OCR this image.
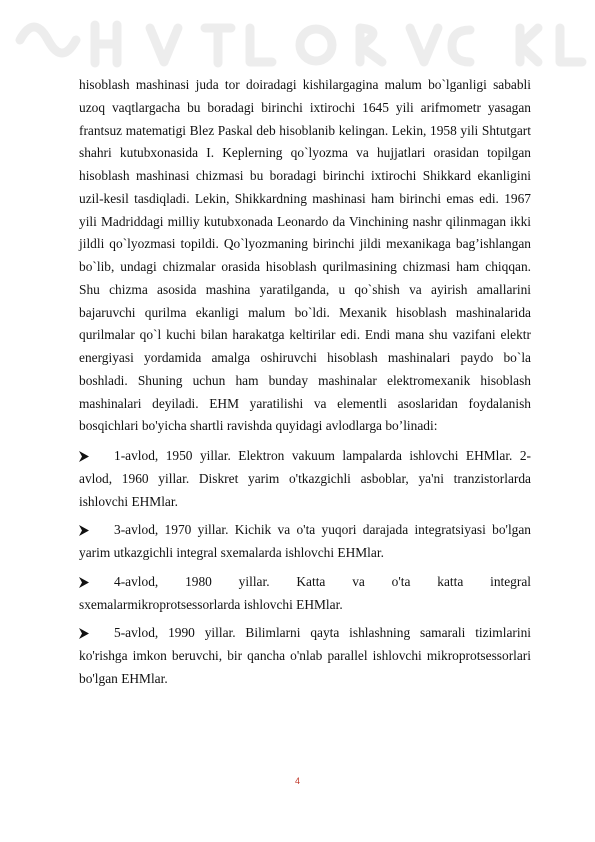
hisoblash mashinasi juda tor doiradagi kishilargagina malum bo`lganligi sababli uzoq vaqtlargacha bu boradagi birinchi ixtirochi 1645 yili arifmometr yasagan frantsuz matematigi Blez Paskal deb hisoblanib kelingan. Lekin, 1958 yili Shtutgart shahri kutubxonasida I. Keplerning qo`lyozma va hujjatlari orasidan topilgan hisoblash mashinasi chizmasi bu boradagi birinchi ixtirochi Shikkard ekanligini uzil-kesil tasdiqladi. Lekin, Shikkardning mashinasi ham birinchi emas edi. 1967 yili Madriddagi milliy kutubxonada Leonardo da Vinchining nashr qilinmagan ikki jildli qo`lyozmasi topildi. Qo`lyozmaning birinchi jildi mexanikaga bag’ishlangan bo`lib, undagi chizmalar orasida hisoblash qurilmasining chizmasi ham chiqqan. Shu chizma asosida mashina yaratilganda, u qo`shish va ayirish amallarini bajaruvchi qurilma ekanligi malum bo`ldi. Mexanik hisoblash mashinalarida qurilmalar qo`l kuchi bilan harakatga keltirilar edi. Endi mana shu vazifani elektr energiyasi yordamida amalga oshiruvchi hisoblash mashinalari paydo bo`la boshladi. Shuning uchun ham bunday mashinalar elektromexanik hisoblash mashinalari deyiladi. EHM yaratilishi va elementli asoslaridan foydalanish bosqichlari bo'yicha shartli ravishda quyidagi avlodlarga bo’linadi:

1-avlod, 1950 yillar. Elektron vakuum lampalarda ishlovchi EHMlar. 2-avlod, 1960 yillar. Diskret yarim o'tkazgichli asboblar, ya'ni tranzistorlarda ishlovchi EHMlar.
3-avlod, 1970 yillar. Kichik va o'ta yuqori darajada integratsiyasi bo'lgan yarim utkazgichli integral sxemalarda ishlovchi EHMlar.
4-avlod, 1980 yillar. Katta va o'ta katta integral sxemalarmikroprotsessorlarda ishlovchi EHMlar.
5-avlod, 1990 yillar. Bilimlarni qayta ishlashning samarali tizimlarini ko'rishga imkon beruvchi, bir qancha o'nlab parallel ishlovchi mikroprotsessorlari bo'lgan EHMlar.
4
